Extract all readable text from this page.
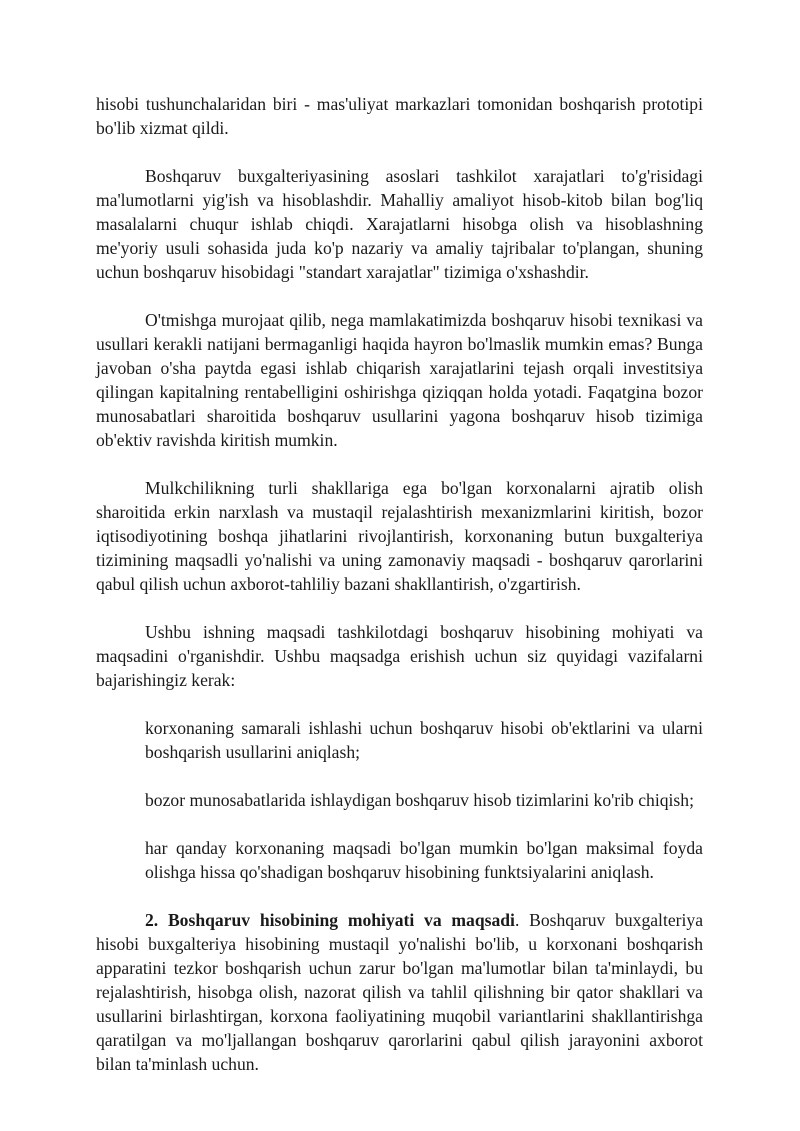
hisobi tushunchalaridan biri - mas'uliyat markazlari tomonidan boshqarish prototipi bo'lib xizmat qildi.

Boshqaruv buxgalteriyasining asoslari tashkilot xarajatlari to'g'risidagi ma'lumotlarni yig'ish va hisoblashdir. Mahalliy amaliyot hisob-kitob bilan bog'liq masalalarni chuqur ishlab chiqdi. Xarajatlarni hisobga olish va hisoblashning me'yoriy usuli sohasida juda ko'p nazariy va amaliy tajribalar to'plangan, shuning uchun boshqaruv hisobidagi "standart xarajatlar" tizimiga o'xshashdir.

O'tmishga murojaat qilib, nega mamlakatimizda boshqaruv hisobi texnikasi va usullari kerakli natijani bermaganligi haqida hayron bo'lmaslik mumkin emas? Bunga javoban o'sha paytda egasi ishlab chiqarish xarajatlarini tejash orqali investitsiya qilingan kapitalning rentabelligini oshirishga qiziqqan holda yotadi. Faqatgina bozor munosabatlari sharoitida boshqaruv usullarini yagona boshqaruv hisob tizimiga ob'ektiv ravishda kiritish mumkin.

Mulkchilikning turli shakllariga ega bo'lgan korxonalarni ajratib olish sharoitida erkin narxlash va mustaqil rejalashtirish mexanizmlarini kiritish, bozor iqtisodiyotining boshqa jihatlarini rivojlantirish, korxonaning butun buxgalteriya tizimining maqsadli yo'nalishi va uning zamonaviy maqsadi - boshqaruv qarorlarini qabul qilish uchun axborot-tahliliy bazani shakllantirish, o'zgartirish.

Ushbu ishning maqsadi tashkilotdagi boshqaruv hisobining mohiyati va maqsadini o'rganishdir. Ushbu maqsadga erishish uchun siz quyidagi vazifalarni bajarishingiz kerak:

korxonaning samarali ishlashi uchun boshqaruv hisobi ob'ektlarini va ularni boshqarish usullarini aniqlash;
bozor munosabatlarida ishlaydigan boshqaruv hisob tizimlarini ko'rib chiqish;
har qanday korxonaning maqsadi bo'lgan mumkin bo'lgan maksimal foyda olishga hissa qo'shadigan boshqaruv hisobining funktsiyalarini aniqlash.

2. Boshqaruv hisobining mohiyati va maqsadi. Boshqaruv buxgalteriya hisobi buxgalteriya hisobining mustaqil yo'nalishi bo'lib, u korxonani boshqarish apparatini tezkor boshqarish uchun zarur bo'lgan ma'lumotlar bilan ta'minlaydi, bu rejalashtirish, hisobga olish, nazorat qilish va tahlil qilishning bir qator shakllari va usullarini birlashtirgan, korxona faoliyatining muqobil variantlarini shakllantirishga qaratilgan va mo'ljallangan boshqaruv qarorlarini qabul qilish jarayonini axborot bilan ta'minlash uchun.
